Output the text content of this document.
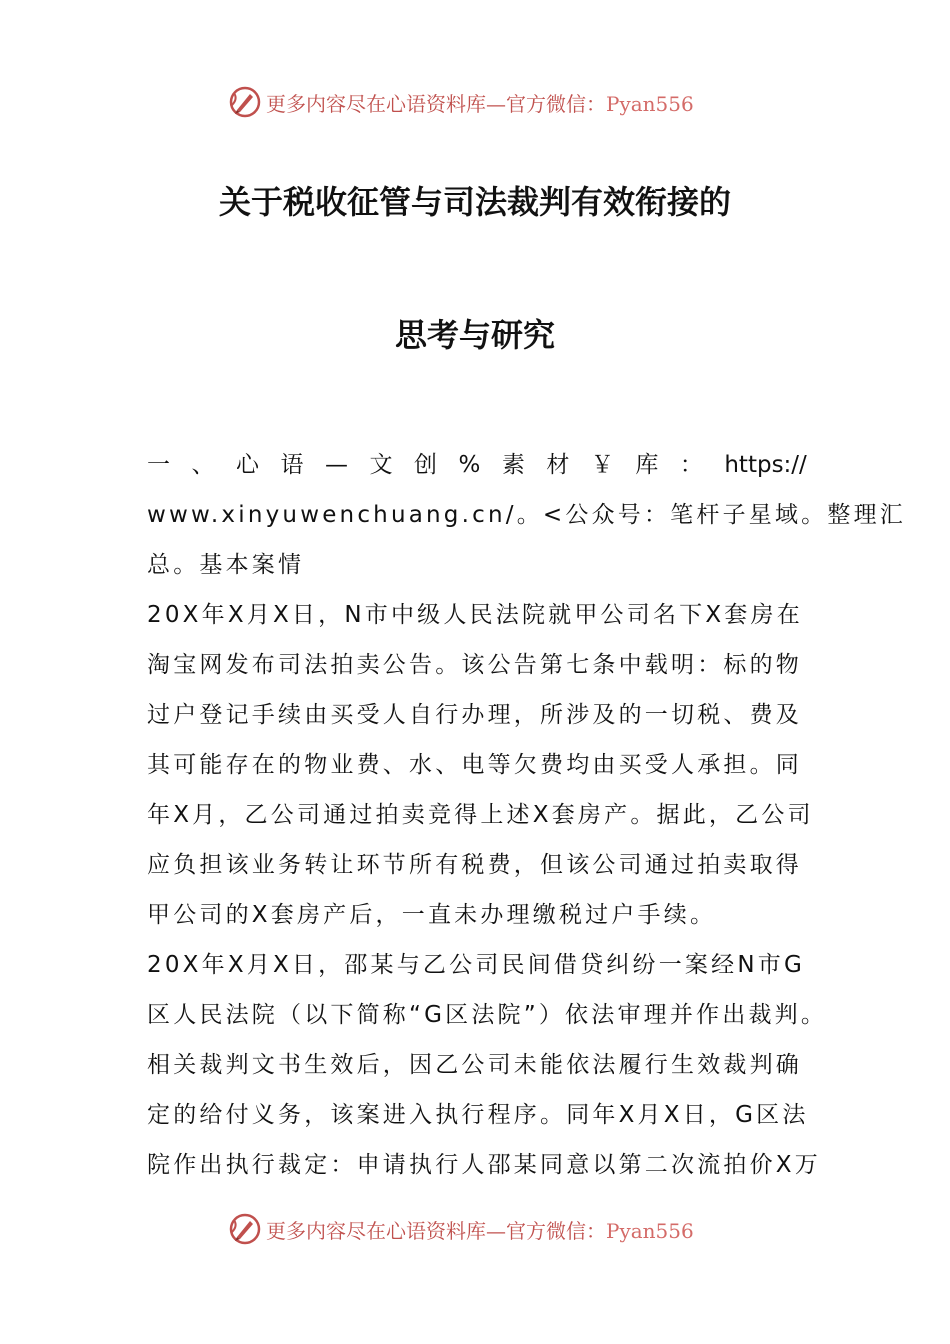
更多内容尽在心语资料库—官方微信：Pyan556
关于税收征管与司法裁判有效衔接的
思考与研究
一 、 心 语 — 文 创 % 素 材 ￥ 库 ： https://
www.xinyuwenchuang.cn/。<公众号：笔杆子星域。整理汇
总。基本案情
20X年X月X日，N市中级人民法院就甲公司名下X套房在
淘宝网发布司法拍卖公告。该公告第七条中载明：标的物
过户登记手续由买受人自行办理，所涉及的一切税、费及
其可能存在的物业费、水、电等欠费均由买受人承担。同
年X月，乙公司通过拍卖竞得上述X套房产。据此，乙公司
应负担该业务转让环节所有税费，但该公司通过拍卖取得
甲公司的X套房产后，一直未办理缴税过户手续。
20X年X月X日，邵某与乙公司民间借贷纠纷一案经N市G
区人民法院（以下简称“G区法院”）依法审理并作出裁判。
相关裁判文书生效后，因乙公司未能依法履行生效裁判确
定的给付义务，该案进入执行程序。同年X月X日，G区法
院作出执行裁定：申请执行人邵某同意以第二次流拍价X万
更多内容尽在心语资料库—官方微信：Pyan556
